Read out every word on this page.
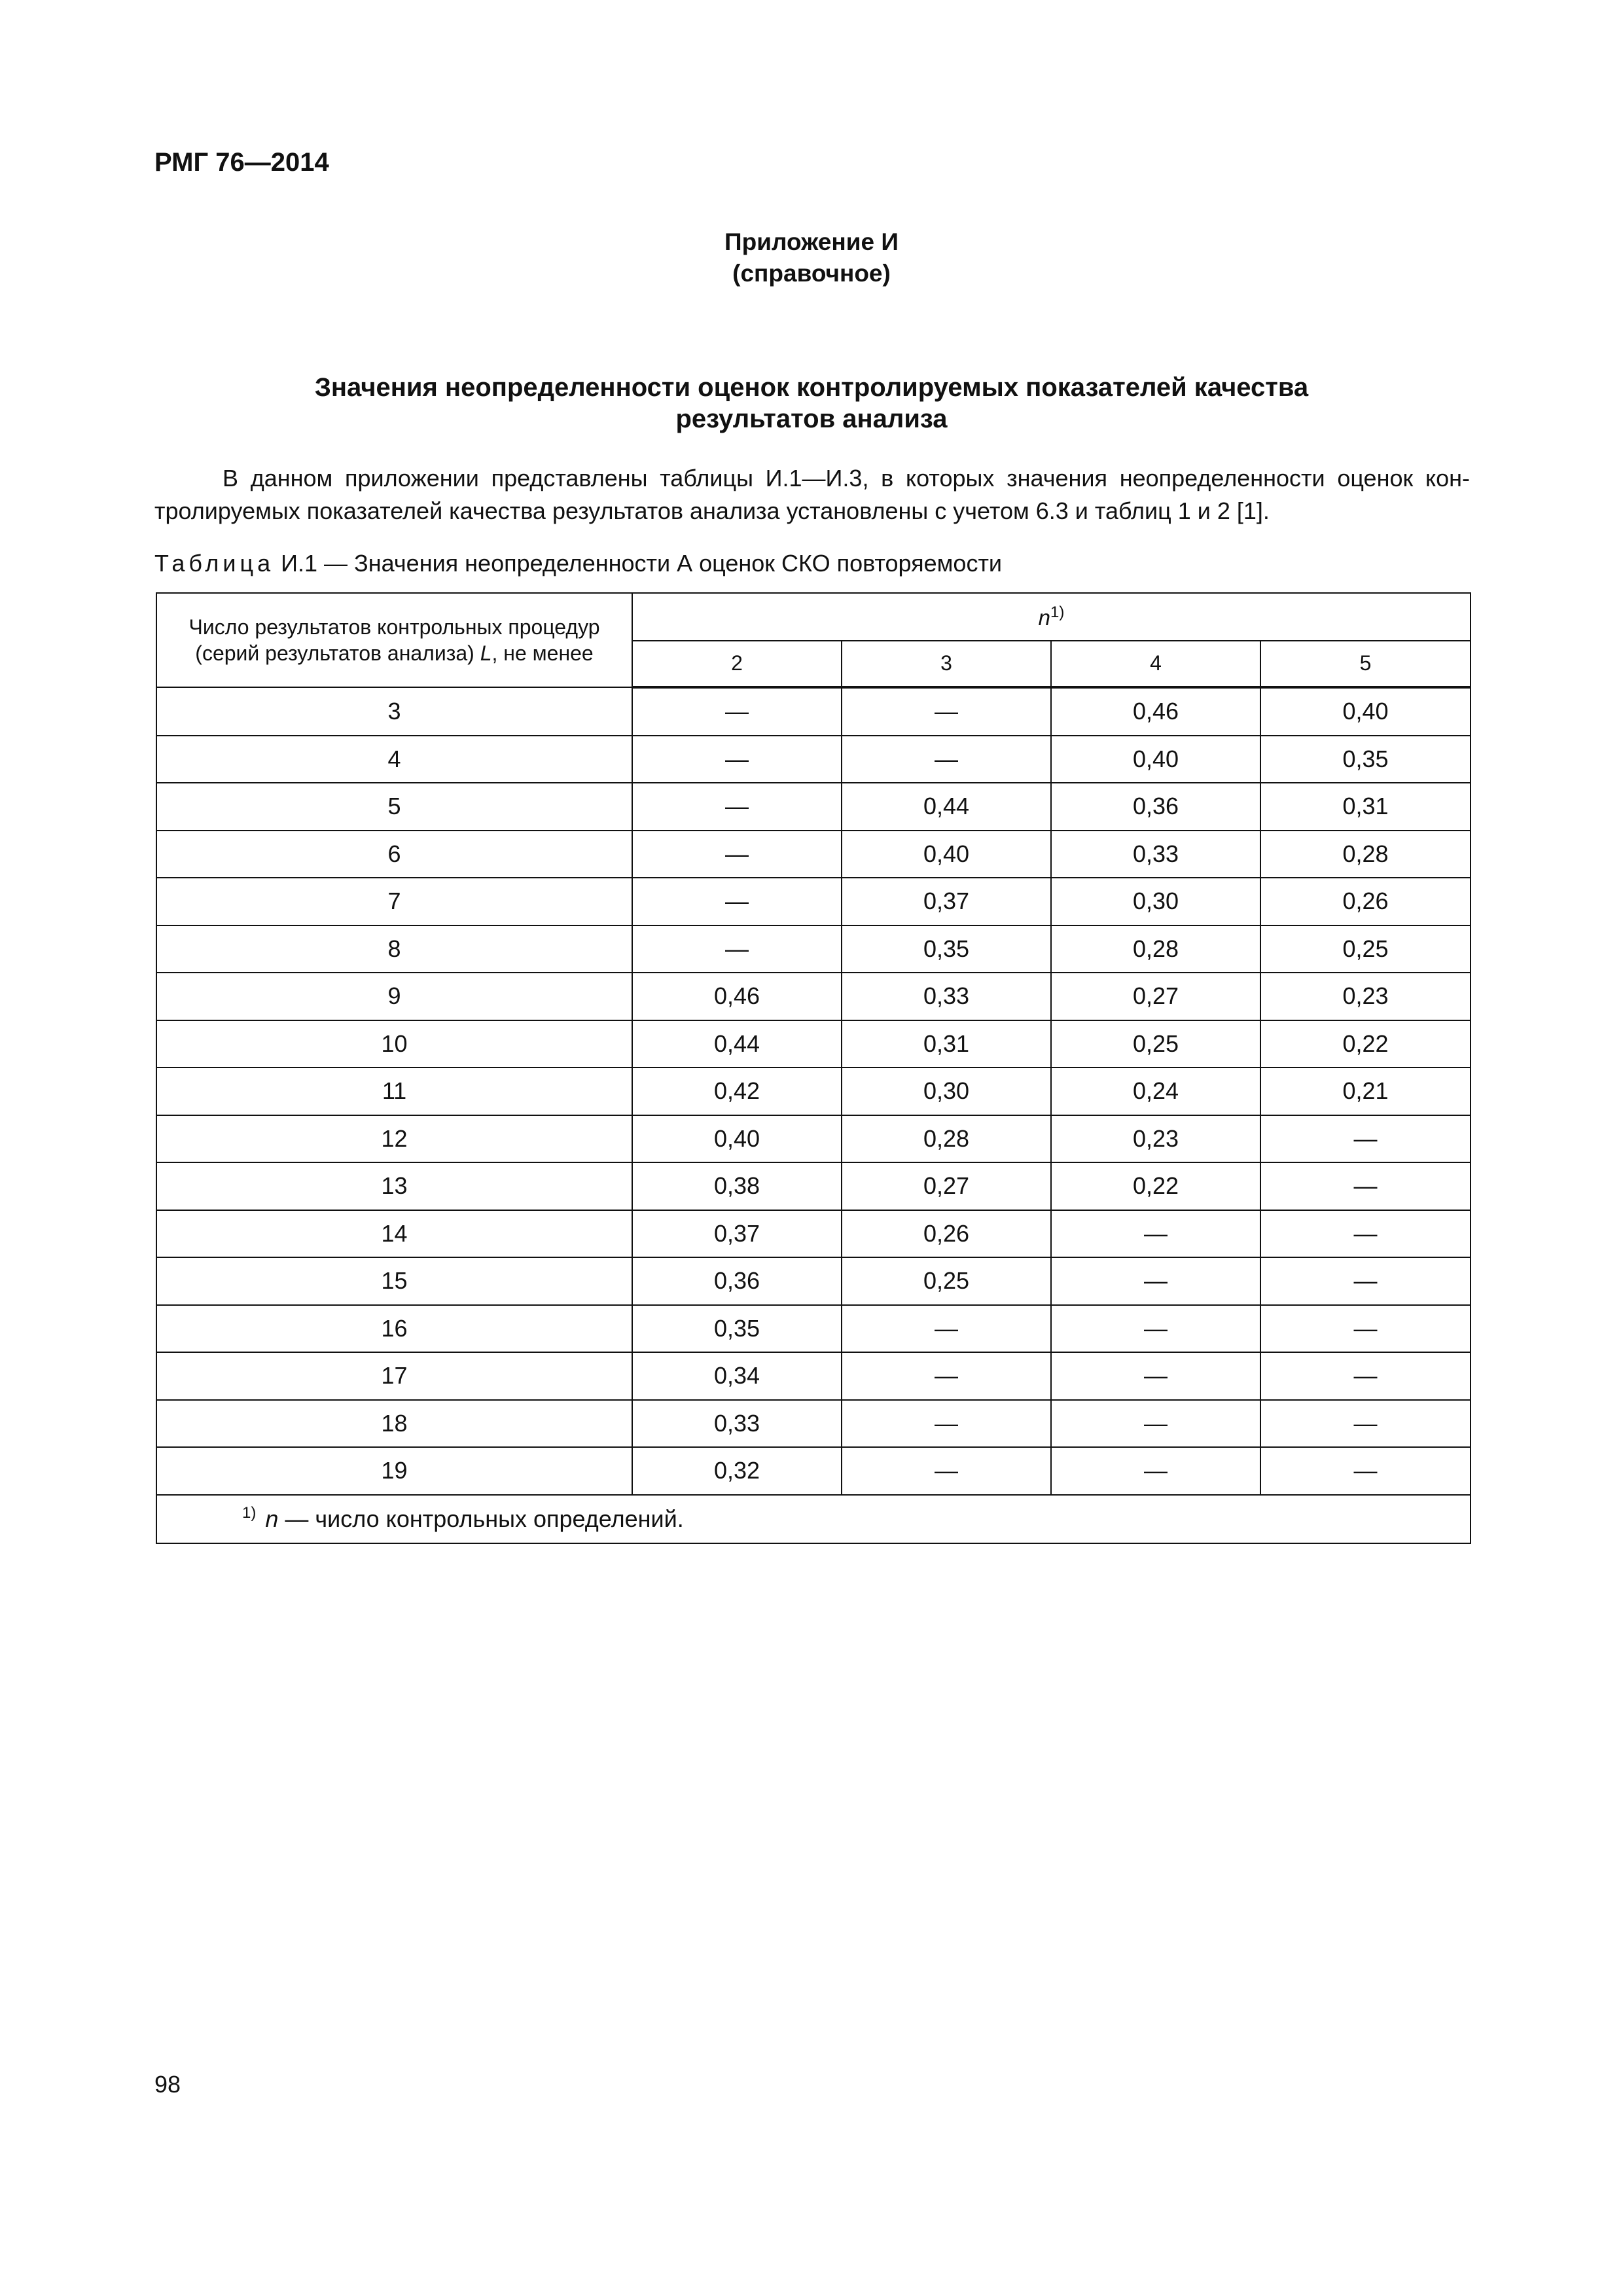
РМГ 76—2014
Приложение И
(справочное)
Значения неопределенности оценок контролируемых показателей качества
результатов анализа
В данном приложении представлены таблицы И.1—И.3, в которых значения неопределенности оценок кон-
тролируемых показателей качества результатов анализа установлены с учетом 6.3 и таблиц 1 и 2 [1].
Таблица И.1 — Значения неопределенности А оценок СКО повторяемости
Число результатов контрольных процедур
(серий результатов анализа) L, не менее	$n^{1)}$
	2	3	4	5
3	—	—	0,46	0,40
4	—	—	0,40	0,35
5	—	0,44	0,36	0,31
6	—	0,40	0,33	0,28
7	—	0,37	0,30	0,26
8	—	0,35	0,28	0,25
9	0,46	0,33	0,27	0,23
10	0,44	0,31	0,25	0,22
11	0,42	0,30	0,24	0,21
12	0,40	0,28	0,23	—
13	0,38	0,27	0,22	—
14	0,37	0,26	—	—
15	0,36	0,25	—	—
16	0,35	—	—	—
17	0,34	—	—	—
18	0,33	—	—	—
19	0,32	—	—	—
$^{1)}$ n — число контрольных определений.				
98
